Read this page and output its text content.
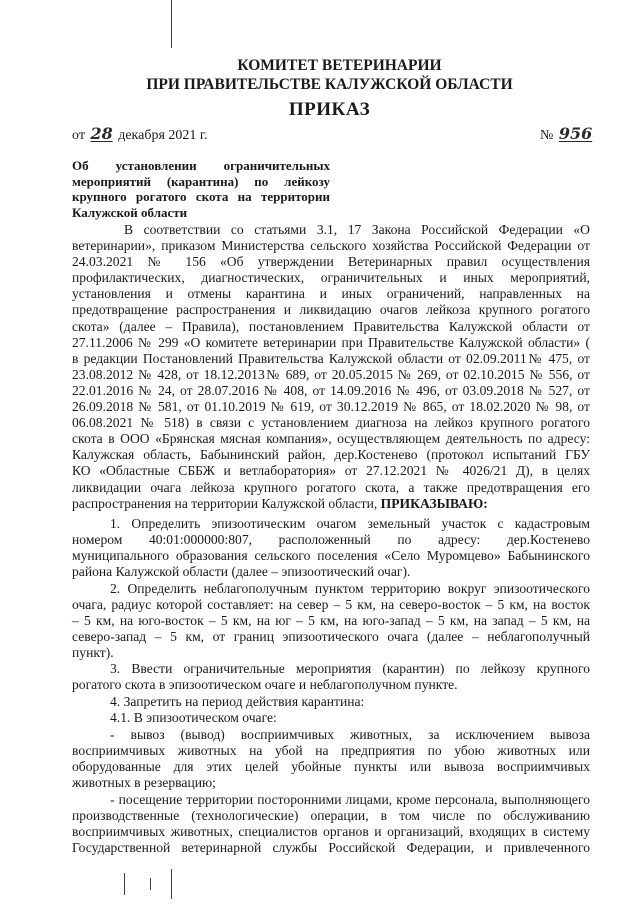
КОМИТЕТ ВЕТЕРИНАРИИ
ПРИ ПРАВИТЕЛЬСТВЕ КАЛУЖСКОЙ ОБЛАСТИ
ПРИКАЗ
от 28 декабря 2021 г.	№ 956
Об установлении ограничительных
мероприятий (карантина) по лейкозу
крупного рогатого скота на территории
Калужской области
В соответствии со статьями 3.1, 17 Закона Российской Федерации «О
ветеринарии», приказом Министерства сельского хозяйства Российской Федерации от
24.03.2021 № 156 «Об утверждении Ветеринарных правил осуществления
профилактических, диагностических, ограничительных и иных мероприятий,
установления и отмены карантина и иных ограничений, направленных на
предотвращение распространения и ликвидацию очагов лейкоза крупного рогатого
скота» (далее – Правила), постановлением Правительства Калужской области от
27.11.2006 № 299 «О комитете ветеринарии при Правительстве Калужской области» (
в редакции Постановлений Правительства Калужской области от 02.09.2011№ 475, от
23.08.2012 № 428, от 18.12.2013№ 689, от 20.05.2015 № 269, от 02.10.2015 № 556, от
22.01.2016 № 24, от 28.07.2016 № 408, от 14.09.2016 № 496, от 03.09.2018 № 527, от
26.09.2018 № 581, от 01.10.2019 № 619, от 30.12.2019 № 865, от 18.02.2020 № 98, от
06.08.2021 № 518) в связи с установлением диагноза на лейкоз крупного рогатого
скота в ООО «Брянская мясная компания», осуществляющем деятельность по адресу:
Калужская область, Бабынинский район, дер.Костенево (протокол испытаний ГБУ
КО «Областные СББЖ и ветлаборатория» от 27.12.2021 № 4026/21 Д), в целях
ликвидации очага лейкоза крупного рогатого скота, а также предотвращения его
распространения на территории Калужской области, ПРИКАЗЫВАЮ:
1. Определить эпизоотическим очагом земельный участок с кадастровым
номером 40:01:000000:807, расположенный по адресу: дер.Костенево
муниципального образования сельского поселения «Село Муромцево» Бабынинского
района Калужской области (далее – эпизоотический очаг).
2. Определить неблагополучным пунктом территорию вокруг эпизоотического
очага, радиус которой составляет: на север – 5 км, на северо-восток – 5 км, на восток
– 5 км, на юго-восток – 5 км, на юг – 5 км, на юго-запад – 5 км, на запад – 5 км, на
северо-запад – 5 км, от границ эпизоотического очага (далее – неблагополучный
пункт).
3. Ввести ограничительные мероприятия (карантин) по лейкозу крупного
рогатого скота в эпизоотическом очаге и неблагополучном пункте.
4. Запретить на период действия карантина:
4.1. В эпизоотическом очаге:
- вывоз (вывод) восприимчивых животных, за исключением вывоза
восприимчивых животных на убой на предприятия по убою животных или
оборудованные для этих целей убойные пункты или вывоза восприимчивых
животных в резервацию;
- посещение территории посторонними лицами, кроме персонала, выполняющего
производственные (технологические) операции, в том числе по обслуживанию
восприимчивых животных, специалистов органов и организаций, входящих в систему
Государственной ветеринарной службы Российской Федерации, и привлеченного
